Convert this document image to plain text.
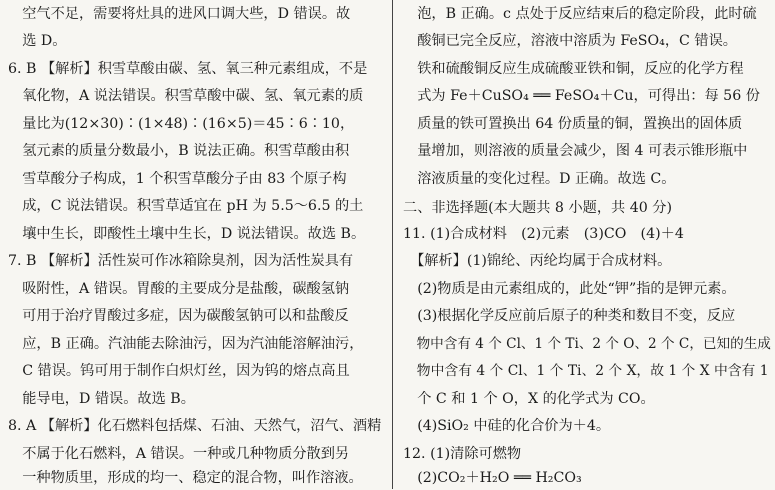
　空气不足，需要将灶具的进风口调大些，D 错误。故
　选 D。
6. B 【解析】积雪草酸由碳、氢、氧三种元素组成，不是
　氧化物，A 说法错误。积雪草酸中碳、氢、氧元素的质
　量比为(12×30)∶(1×48)∶(16×5)＝45∶6∶10，
　氢元素的质量分数最小，B 说法正确。积雪草酸由积
　雪草酸分子构成，1 个积雪草酸分子由 83 个原子构
　成，C 说法错误。积雪草适宜在 pH 为 5.5～6.5 的土
　壤中生长，即酸性土壤中生长，D 说法错误。故选 B。
7. B 【解析】活性炭可作冰箱除臭剂，因为活性炭具有
　吸附性，A 错误。胃酸的主要成分是盐酸，碳酸氢钠
　可用于治疗胃酸过多症，因为碳酸氢钠可以和盐酸反
　应，B 正确。汽油能去除油污，因为汽油能溶解油污，
　C 错误。钨可用于制作白炽灯丝，因为钨的熔点高且
　能导电，D 错误。故选 B。
8. A 【解析】化石燃料包括煤、石油、天然气，沼气、酒精
　不属于化石燃料，A 错误。一种或几种物质分散到另
　一种物质里，形成的均一、稳定的混合物，叫作溶液。
　泡，B 正确。c 点处于反应结束后的稳定阶段，此时硫
　酸铜已完全反应，溶液中溶质为 FeSO₄，C 错误。
　铁和硫酸铜反应生成硫酸亚铁和铜，反应的化学方程
　式为 Fe＋CuSO₄ ══ FeSO₄＋Cu，可得出：每 56 份
　质量的铁可置换出 64 份质量的铜，置换出的固体质
　量增加，则溶液的质量会减少，图 4 可表示锥形瓶中
　溶液质量的变化过程。D 正确。故选 C。
二、非选择题(本大题共 8 小题，共 40 分)
11. (1)合成材料　(2)元素　(3)CO　(4)＋4
　【解析】(1)锦纶、丙纶均属于合成材料。
　(2)物质是由元素组成的，此处“钾”指的是钾元素。
　(3)根据化学反应前后原子的种类和数目不变，反应
　物中含有 4 个 Cl、1 个 Ti、2 个 O、2 个 C，已知的生成
　物中含有 4 个 Cl、1 个 Ti、2 个 X，故 1 个 X 中含有 1
　个 C 和 1 个 O，X 的化学式为 CO。
　(4)SiO₂ 中硅的化合价为＋4。
12. (1)清除可燃物
　(2)CO₂＋H₂O ══ H₂CO₃
